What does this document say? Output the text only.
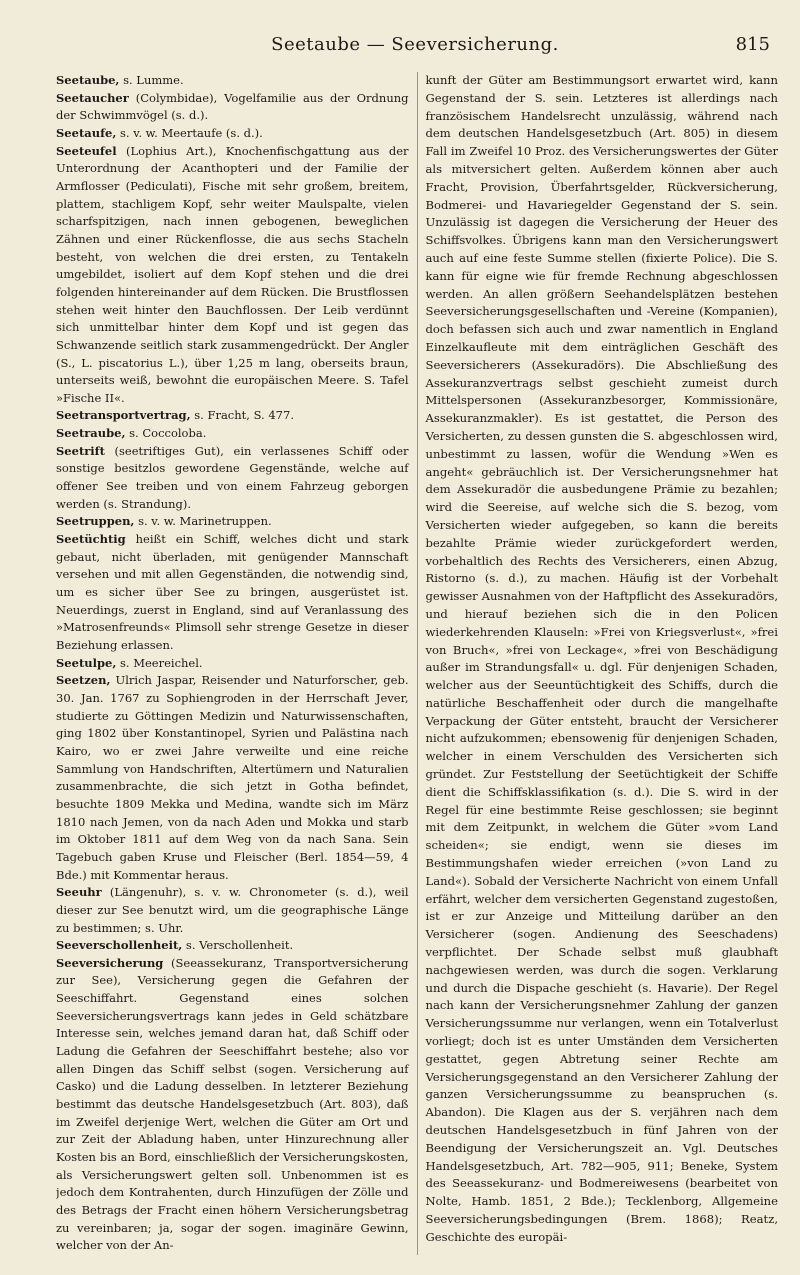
Seetaube — Seeversicherung.	815

Seetaube, s. Lumme.

Seetaucher (Colymbidae), Vogelfamilie aus der Ordnung der Schwimmvögel (s. d.).

Seetaufe, s. v. w. Meertaufe (s. d.).

Seeteufel (Lophius Art.), Knochenfischgattung aus der Unterordnung der Acanthopteri und der Familie der Armflosser (Pediculati), Fische mit sehr großem, breitem, plattem, stachligem Kopf, sehr weiter Maulspalte, vielen scharfspitzigen, nach innen gebogenen, beweglichen Zähnen und einer Rückenflosse, die aus sechs Stacheln besteht, von welchen die drei ersten, zu Tentakeln umgebildet, isoliert auf dem Kopf stehen und die drei folgenden hintereinander auf dem Rücken. Die Brustflossen stehen weit hinter den Bauchflossen. Der Leib verdünnt sich unmittelbar hinter dem Kopf und ist gegen das Schwanzende seitlich stark zusammengedrückt. Der Angler (S., L. piscatorius L.), über 1,25 m lang, oberseits braun, unterseits weiß, bewohnt die europäischen Meere. S. Tafel »Fische II«.

Seetransportvertrag, s. Fracht, S. 477.

Seetraube, s. Coccoloba.

Seetrift (seetriftiges Gut), ein verlassenes Schiff oder sonstige besitzlos gewordene Gegenstände, welche auf offener See treiben und von einem Fahrzeug geborgen werden (s. Strandung).

Seetruppen, s. v. w. Marinetruppen.

Seetüchtig heißt ein Schiff, welches dicht und stark gebaut, nicht überladen, mit genügender Mannschaft versehen und mit allen Gegenständen, die notwendig sind, um es sicher über See zu bringen, ausgerüstet ist. Neuerdings, zuerst in England, sind auf Veranlassung des »Matrosenfreunds« Plimsoll sehr strenge Gesetze in dieser Beziehung erlassen.

Seetulpe, s. Meereichel.

Seetzen, Ulrich Jaspar, Reisender und Naturforscher, geb. 30. Jan. 1767 zu Sophiengroden in der Herrschaft Jever, studierte zu Göttingen Medizin und Naturwissenschaften, ging 1802 über Konstantinopel, Syrien und Palästina nach Kairo, wo er zwei Jahre verweilte und eine reiche Sammlung von Handschriften, Altertümern und Naturalien zusammenbrachte, die sich jetzt in Gotha befindet, besuchte 1809 Mekka und Medina, wandte sich im März 1810 nach Jemen, von da nach Aden und Mokka und starb im Oktober 1811 auf dem Weg von da nach Sana. Sein Tagebuch gaben Kruse und Fleischer (Berl. 1854—59, 4 Bde.) mit Kommentar heraus.

Seeuhr (Längenuhr), s. v. w. Chronometer (s. d.), weil dieser zur See benutzt wird, um die geographische Länge zu bestimmen; s. Uhr.

Seeverschollenheit, s. Verschollenheit.

Seeversicherung (Seeassekuranz, Transportversicherung zur See), Versicherung gegen die Gefahren der Seeschiffahrt. Gegenstand eines solchen Seeversicherungsvertrags kann jedes in Geld schätzbare Interesse sein, welches jemand daran hat, daß Schiff oder Ladung die Gefahren der Seeschiffahrt bestehe; also vor allen Dingen das Schiff selbst (sogen. Versicherung auf Casko) und die Ladung desselben. In letzterer Beziehung bestimmt das deutsche Handelsgesetzbuch (Art. 803), daß im Zweifel derjenige Wert, welchen die Güter am Ort und zur Zeit der Abladung haben, unter Hinzurechnung aller Kosten bis an Bord, einschließlich der Versicherungskosten, als Versicherungswert gelten soll. Unbenommen ist es jedoch dem Kontrahenten, durch Hinzufügen der Zölle und des Betrags der Fracht einen höhern Versicherungsbetrag zu vereinbaren; ja, sogar der sogen. imaginäre Gewinn, welcher von der An-

kunft der Güter am Bestimmungsort erwartet wird, kann Gegenstand der S. sein. Letzteres ist allerdings nach französischem Handelsrecht unzulässig, während nach dem deutschen Handelsgesetzbuch (Art. 805) in diesem Fall im Zweifel 10 Proz. des Versicherungswertes der Güter als mitversichert gelten. Außerdem können aber auch Fracht, Provision, Überfahrtsgelder, Rückversicherung, Bodmerei- und Havariegelder Gegenstand der S. sein. Unzulässig ist dagegen die Versicherung der Heuer des Schiffsvolkes. Übrigens kann man den Versicherungswert auch auf eine feste Summe stellen (fixierte Police). Die S. kann für eigne wie für fremde Rechnung abgeschlossen werden. An allen größern Seehandelsplätzen bestehen Seeversicherungsgesellschaften und -Vereine (Kompanien), doch befassen sich auch und zwar namentlich in England Einzelkaufleute mit dem einträglichen Geschäft des Seeversicherers (Assekuradörs). Die Abschließung des Assekuranzvertrags selbst geschieht zumeist durch Mittelspersonen (Assekuranzbesorger, Kommissionäre, Assekuranzmakler). Es ist gestattet, die Person des Versicherten, zu dessen gunsten die S. abgeschlossen wird, unbestimmt zu lassen, wofür die Wendung »Wen es angeht« gebräuchlich ist. Der Versicherungsnehmer hat dem Assekuradör die ausbedungene Prämie zu bezahlen; wird die Seereise, auf welche sich die S. bezog, vom Versicherten wieder aufgegeben, so kann die bereits bezahlte Prämie wieder zurückgefordert werden, vorbehaltlich des Rechts des Versicherers, einen Abzug, Ristorno (s. d.), zu machen. Häufig ist der Vorbehalt gewisser Ausnahmen von der Haftpflicht des Assekuradörs, und hierauf beziehen sich die in den Policen wiederkehrenden Klauseln: »Frei von Kriegsverlust«, »frei von Bruch«, »frei von Leckage«, »frei von Beschädigung außer im Strandungsfall« u. dgl. Für denjenigen Schaden, welcher aus der Seeuntüchtigkeit des Schiffs, durch die natürliche Beschaffenheit oder durch die mangelhafte Verpackung der Güter entsteht, braucht der Versicherer nicht aufzukommen; ebensowenig für denjenigen Schaden, welcher in einem Verschulden des Versicherten sich gründet. Zur Feststellung der Seetüchtigkeit der Schiffe dient die Schiffsklassifikation (s. d.). Die S. wird in der Regel für eine bestimmte Reise geschlossen; sie beginnt mit dem Zeitpunkt, in welchem die Güter »vom Land scheiden«; sie endigt, wenn sie dieses im Bestimmungshafen wieder erreichen (»von Land zu Land«). Sobald der Versicherte Nachricht von einem Unfall erfährt, welcher dem versicherten Gegenstand zugestoßen, ist er zur Anzeige und Mitteilung darüber an den Versicherer (sogen. Andienung des Seeschadens) verpflichtet. Der Schade selbst muß glaubhaft nachgewiesen werden, was durch die sogen. Verklarung und durch die Dispache geschieht (s. Havarie). Der Regel nach kann der Versicherungsnehmer Zahlung der ganzen Versicherungssumme nur verlangen, wenn ein Totalverlust vorliegt; doch ist es unter Umständen dem Versicherten gestattet, gegen Abtretung seiner Rechte am Versicherungsgegenstand an den Versicherer Zahlung der ganzen Versicherungssumme zu beanspruchen (s. Abandon). Die Klagen aus der S. verjähren nach dem deutschen Handelsgesetzbuch in fünf Jahren von der Beendigung der Versicherungszeit an. Vgl. Deutsches Handelsgesetzbuch, Art. 782—905, 911; Beneke, System des Seeassekuranz- und Bodmereiwesens (bearbeitet von Nolte, Hamb. 1851, 2 Bde.); Tecklenborg, Allgemeine Seeversicherungsbedingungen (Brem. 1868); Reatz, Geschichte des europäi-
